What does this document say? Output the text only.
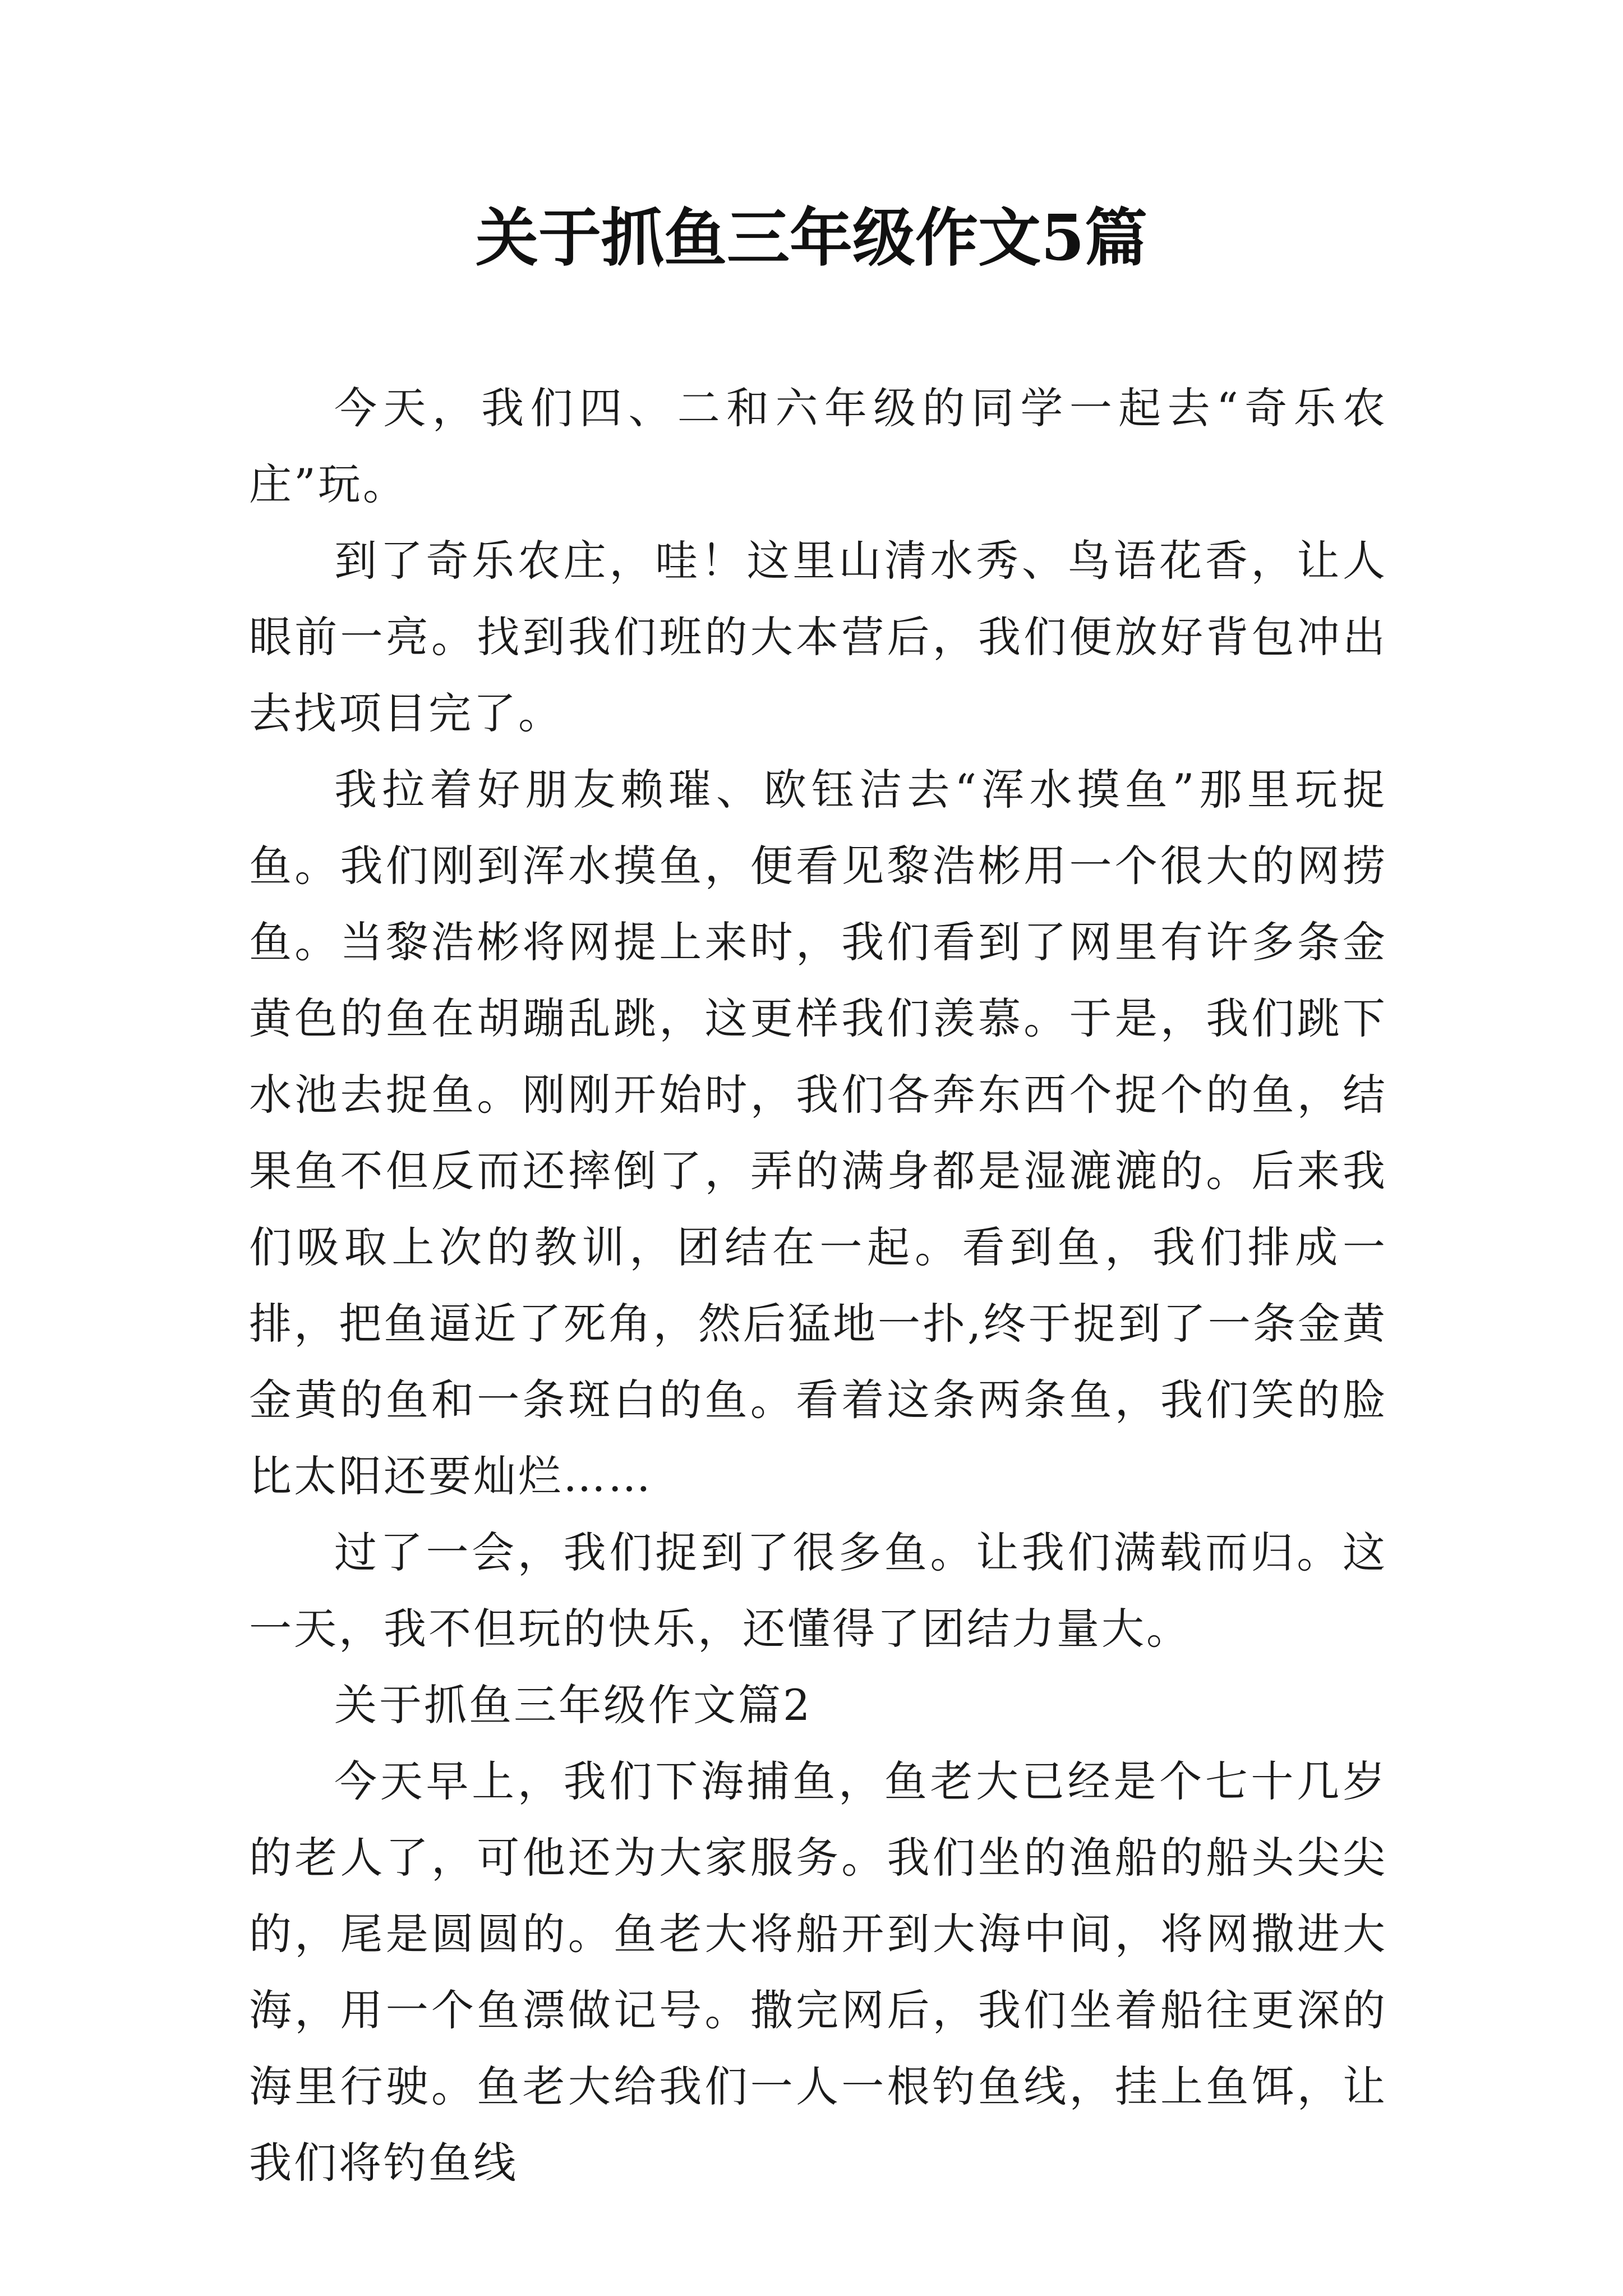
关于抓鱼三年级作文5篇

今天，我们四、二和六年级的同学一起去“奇乐农庄”玩。

到了奇乐农庄，哇！这里山清水秀、鸟语花香，让人眼前一亮。找到我们班的大本营后，我们便放好背包冲出去找项目完了。

我拉着好朋友赖璀、欧钰洁去“浑水摸鱼”那里玩捉鱼。我们刚到浑水摸鱼，便看见黎浩彬用一个很大的网捞鱼。当黎浩彬将网提上来时，我们看到了网里有许多条金黄色的鱼在胡蹦乱跳，这更样我们羡慕。于是，我们跳下水池去捉鱼。刚刚开始时，我们各奔东西个捉个的鱼，结果鱼不但反而还摔倒了，弄的满身都是湿漉漉的。后来我们吸取上次的教训，团结在一起。看到鱼，我们排成一排，把鱼逼近了死角，然后猛地一扑,终于捉到了一条金黄金黄的鱼和一条斑白的鱼。看着这条两条鱼，我们笑的脸比太阳还要灿烂……

过了一会，我们捉到了很多鱼。让我们满载而归。这一天，我不但玩的快乐，还懂得了团结力量大。

关于抓鱼三年级作文篇2

今天早上，我们下海捕鱼，鱼老大已经是个七十几岁的老人了，可他还为大家服务。我们坐的渔船的船头尖尖的，尾是圆圆的。鱼老大将船开到大海中间，将网撒进大海，用一个鱼漂做记号。撒完网后，我们坐着船往更深的海里行驶。鱼老大给我们一人一根钓鱼线，挂上鱼饵，让我们将钓鱼线
